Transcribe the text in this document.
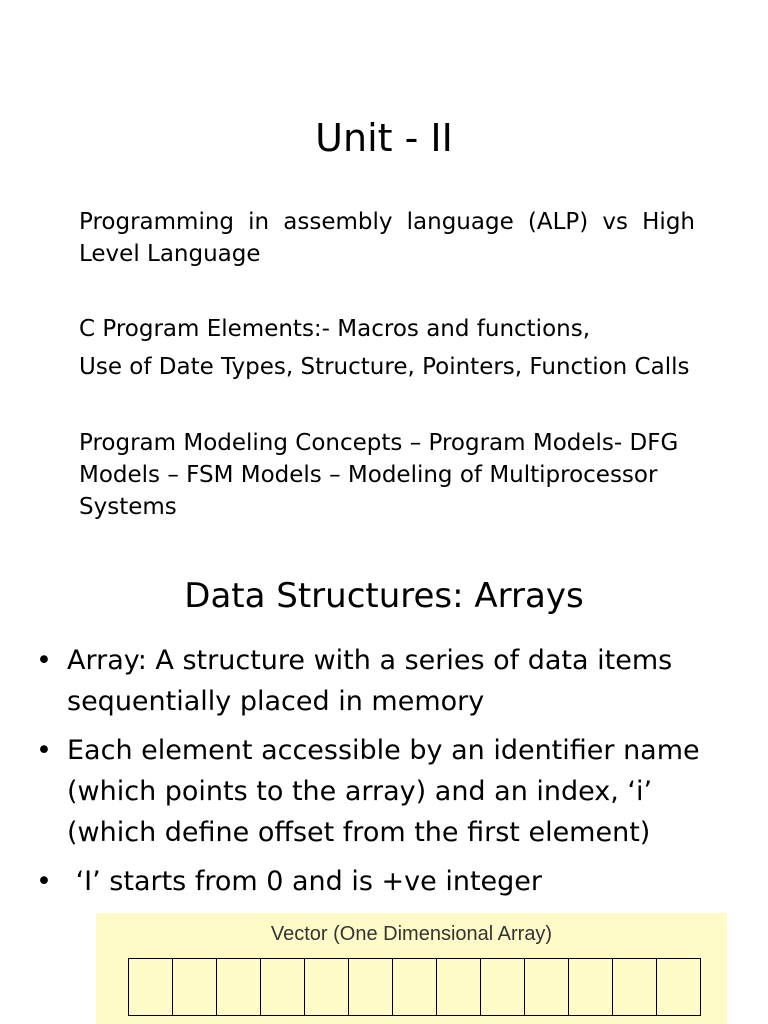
Unit - II

Programming in assembly language (ALP) vs High Level Language

C Program Elements:- Macros and functions,

Use of Date Types, Structure, Pointers, Function Calls

Program Modeling Concepts – Program Models- DFG Models – FSM Models – Modeling of Multiprocessor Systems

Data Structures: Arrays
• Array: A structure with a series of data items sequentially placed in memory
• Each element accessible by an identifier name (which points to the array) and an index, ‘i’ (which define offset from the first element)
• ‘I’ starts from 0 and is +ve integer
Vector (One Dimensional Array)
